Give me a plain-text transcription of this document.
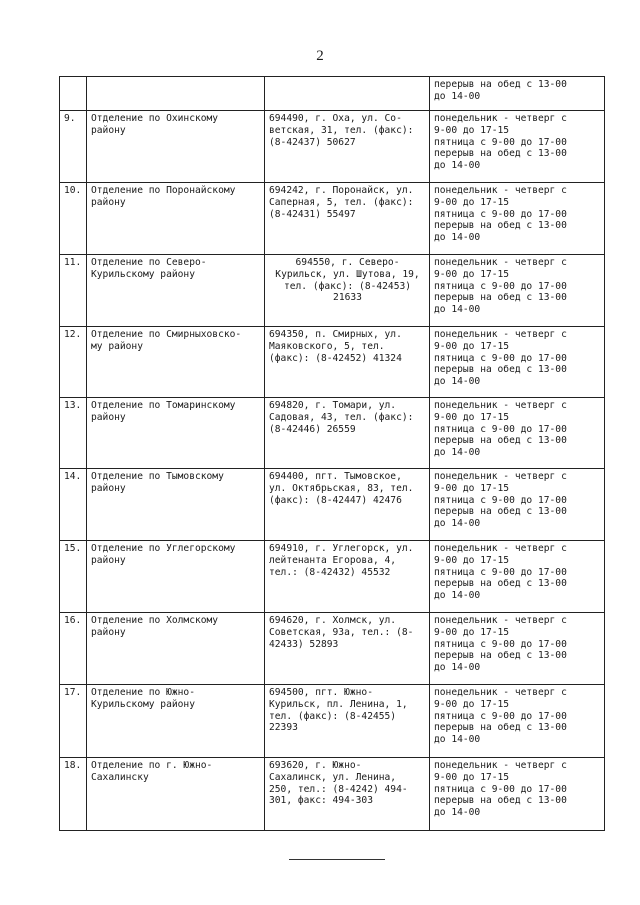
2
			перерыв на обед с 13-00
до 14-00
9.	Отделение по Охинскому
району	694490, г. Оха, ул. Со-
ветская, 31, тел. (факс):
(8-42437) 50627	понедельник - четверг с
9-00 до 17-15
пятница с 9-00 до 17-00
перерыв на обед с 13-00
до 14-00
10.	Отделение по Поронайскому
району	694242, г. Поронайск, ул.
Саперная, 5, тел. (факс):
(8-42431) 55497	понедельник - четверг с
9-00 до 17-15
пятница с 9-00 до 17-00
перерыв на обед с 13-00
до 14-00
11.	Отделение по Северо-
Курильскому району	694550, г. Северо-
Курильск, ул. Шутова, 19,
тел. (факс): (8-42453)
21633	понедельник - четверг с
9-00 до 17-15
пятница с 9-00 до 17-00
перерыв на обед с 13-00
до 14-00
12.	Отделение по Смирныховско-
му району	694350, п. Смирных, ул.
Маяковского, 5, тел.
(факс): (8-42452) 41324	понедельник - четверг с
9-00 до 17-15
пятница с 9-00 до 17-00
перерыв на обед с 13-00
до 14-00
13.	Отделение по Томаринскому
району	694820, г. Томари, ул.
Садовая, 43, тел. (факс):
(8-42446) 26559	понедельник - четверг с
9-00 до 17-15
пятница с 9-00 до 17-00
перерыв на обед с 13-00
до 14-00
14.	Отделение по Тымовскому
району	694400, пгт. Тымовское,
ул. Октябрьская, 83, тел.
(факс): (8-42447) 42476	понедельник - четверг с
9-00 до 17-15
пятница с 9-00 до 17-00
перерыв на обед с 13-00
до 14-00
15.	Отделение по Углегорскому
району	694910, г. Углегорск, ул.
лейтенанта Егорова, 4,
тел.: (8-42432) 45532	понедельник - четверг с
9-00 до 17-15
пятница с 9-00 до 17-00
перерыв на обед с 13-00
до 14-00
16.	Отделение по Холмскому
району	694620, г. Холмск, ул.
Советская, 93а, тел.: (8-
42433) 52893	понедельник - четверг с
9-00 до 17-15
пятница с 9-00 до 17-00
перерыв на обед с 13-00
до 14-00
17.	Отделение по Южно-
Курильскому району	694500, пгт. Южно-
Курильск, пл. Ленина, 1,
тел. (факс): (8-42455)
22393	понедельник - четверг с
9-00 до 17-15
пятница с 9-00 до 17-00
перерыв на обед с 13-00
до 14-00
18.	Отделение по г. Южно-
Сахалинску	693620, г. Южно-
Сахалинск, ул. Ленина,
250, тел.: (8-4242) 494-
301, факс: 494-303	понедельник - четверг с
9-00 до 17-15
пятница с 9-00 до 17-00
перерыв на обед с 13-00
до 14-00
